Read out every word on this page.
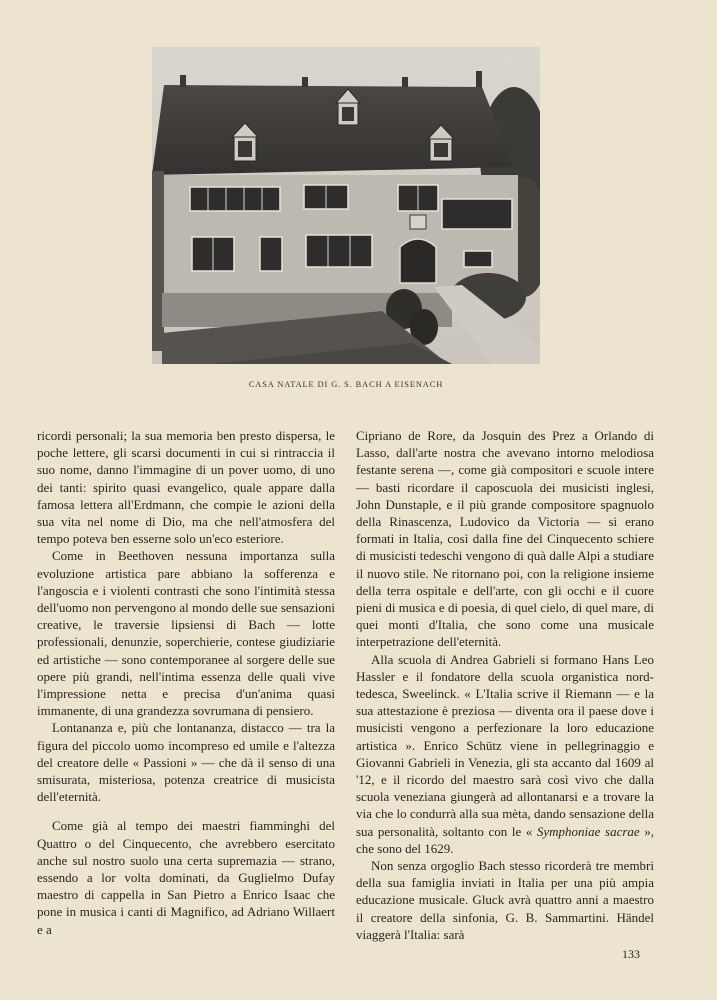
CASA NATALE DI G. S. BACH A EISENACH

ricordi personali; la sua memoria ben presto dispersa, le poche lettere, gli scarsi documenti in cui si rintraccia il suo nome, danno l'immagine di un pover uomo, di uno dei tanti: spirito quasi evangelico, quale appare dalla famosa lettera all'Erdmann, che compie le azioni della sua vita nel nome di Dio, ma che nell'atmosfera del tempo poteva ben esserne solo un'eco esteriore.

Come in Beethoven nessuna importanza sulla evoluzione artistica pare abbiano la sofferenza e l'angoscia e i violenti contrasti che sono l'intimità stessa dell'uomo non pervengono al mondo delle sue sensazioni creative, le traversie lipsiensi di Bach — lotte professionali, denunzie, soperchierie, contese giudiziarie ed artistiche — sono contemporanee al sorgere delle sue opere più grandi, nell'intima essenza delle quali vive l'impressione netta e precisa d'un'anima quasi immanente, di una grandezza sovrumana di pensiero.

Lontananza e, più che lontananza, distacco — tra la figura del piccolo uomo incompreso ed umile e l'altezza del creatore delle « Passioni » — che dà il senso di una smisurata, misteriosa, potenza creatrice di musicista dell'eternità.

Come già al tempo dei maestri fiamminghi del Quattro o del Cinquecento, che avrebbero esercitato anche sul nostro suolo una certa supremazia — strano, essendo a lor volta dominati, da Guglielmo Dufay maestro di cappella in San Pietro a Enrico Isaac che pone in musica i canti di Magnifico, ad Adriano Willaert e a

Cipriano de Rore, da Josquin des Prez a Orlando di Lasso, dall'arte nostra che avevano intorno melodiosa festante serena —, come già compositori e scuole intere — basti ricordare il caposcuola dei musicisti inglesi, John Dunstaple, e il più grande compositore spagnuolo della Rinascenza, Ludovico da Victoria — si erano formati in Italia, così dalla fine del Cinquecento schiere di musicisti tedeschi vengono di quà dalle Alpi a studiare il nuovo stile. Ne ritornano poi, con la religione insieme della terra ospitale e dell'arte, con gli occhi e il cuore pieni di musica e di poesia, di quel cielo, di quel mare, di quei monti d'Italia, che sono come una musicale interpetrazione dell'eternità.

Alla scuola di Andrea Gabrieli si formano Hans Leo Hassler e il fondatore della scuola organistica nord-tedesca, Sweelinck. « L'Italia scrive il Riemann — e la sua attestazione è preziosa — diventa ora il paese dove i musicisti vengono a perfezionare la loro educazione artistica ». Enrico Schütz viene in pellegrinaggio e Giovanni Gabrieli in Venezia, gli sta accanto dal 1609 al '12, e il ricordo del maestro sarà così vivo che dalla scuola veneziana giungerà ad allontanarsi e a trovare la via che lo condurrà alla sua mèta, dando sensazione della sua personalità, soltanto con le « Symphoniae sacrae », che sono del 1629.

Non senza orgoglio Bach stesso ricorderà tre membri della sua famiglia inviati in Italia per una più ampia educazione musicale. Gluck avrà quattro anni a maestro il creatore della sinfonia, G. B. Sammartini. Händel viaggerà l'Italia: sarà

133
